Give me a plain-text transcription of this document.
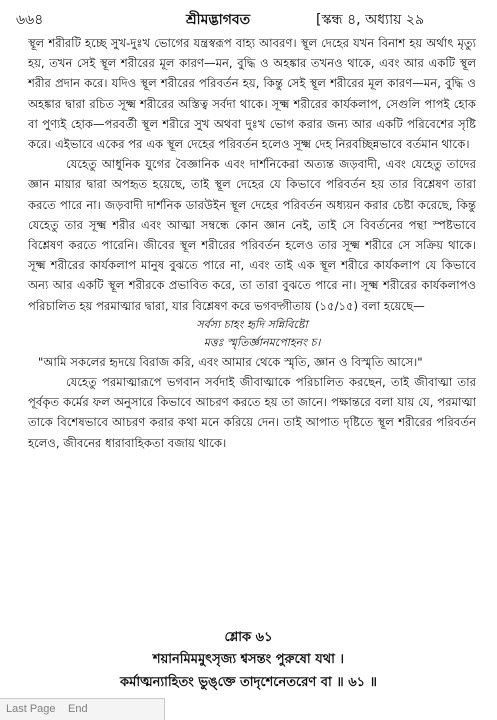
৬৬৪	শ্রীমদ্ভাগবত	[স্কন্ধ ৪, অধ্যায় ২৯

স্থূল শরীরটি হচ্ছে সুখ-দুঃখ ভোগের যন্ত্রস্বরূপ বাহ্য আবরণ। স্থূল দেহের যখন বিনাশ হয় অর্থাৎ মৃত্যু হয়, তখন সেই স্থূল শরীরের মূল কারণ—মন, বুদ্ধি ও অহঙ্কার তখনও থাকে, এবং আর একটি স্থূল শরীর প্রদান করে। যদিও স্থূল শরীরের পরিবর্তন হয়, কিন্তু সেই স্থূল শরীরের মূল কারণ—মন, বুদ্ধি ও অহঙ্কার দ্বারা রচিত সূক্ষ্ম শরীরের অস্তিত্ব সর্বদা থাকে। সূক্ষ্ম শরীরের কার্যকলাপ, সেগুলি পাপই হোক বা পুণ্যই হোক—পরবর্তী স্থূল শরীরে সুখ অথবা দুঃখ ভোগ করার জন্য আর একটি পরিবেশের সৃষ্টি করে। এইভাবে একের পর এক স্থূল দেহের পরিবর্তন হলেও সূক্ষ্ম দেহ নিরবচ্ছিন্নভাবে বর্তমান থাকে।

যেহেতু আধুনিক যুগের বৈজ্ঞানিক এবং দার্শনিকেরা অত্যন্ত জড়বাদী, এবং যেহেতু তাদের জ্ঞান মায়ার দ্বারা অপহৃত হয়েছে, তাই স্থূল দেহের যে কিভাবে পরিবর্তন হয় তার বিশ্লেষণ তারা করতে পারে না। জড়বাদী দার্শনিক ডারউইন স্থূল দেহের পরিবর্তন অধ্যয়ন করার চেষ্টা করেছে, কিন্তু যেহেতু তার সূক্ষ্ম শরীর এবং আত্মা সম্বন্ধে কোন জ্ঞান নেই, তাই সে বিবর্তনের পন্থা স্পষ্টভাবে বিশ্লেষণ করতে পারেনি। জীবের স্থূল শরীরের পরিবর্তন হলেও তার সূক্ষ্ম শরীরে সে সক্রিয় থাকে। সূক্ষ্ম শরীরের কার্যকলাপ মানুষ বুঝতে পারে না, এবং তাই এক স্থূল শরীরে কার্যকলাপ যে কিভাবে অন্য আর একটি স্থূল শরীরকে প্রভাবিত করে, তা তারা বুঝতে পারে না। সূক্ষ্ম শরীরের কার্যকলাপও পরিচালিত হয় পরমাত্মার দ্বারা, যার বিশ্লেষণ করে ভগবদ্গীতায় (১৫/১৫) বলা হয়েছে—

সর্বস্য চাহং হৃদি সন্নিবিষ্টো
মত্তঃ স্মৃতির্জ্ঞানমপোহনং চ।

"আমি সকলের হৃদয়ে বিরাজ করি, এবং আমার থেকে স্মৃতি, জ্ঞান ও বিস্মৃতি আসে।"

যেহেতু পরমাত্মারূপে ভগবান সর্বদাই জীবাত্মাকে পরিচালিত করছেন, তাই জীবাত্মা তার পূর্বকৃত কর্মের ফল অনুসারে কিভাবে আচরণ করতে হয় তা জানে। পক্ষান্তরে বলা যায় যে, পরমাত্মা তাকে বিশেষভাবে আচরণ করার কথা মনে করিয়ে দেন। তাই আপাত দৃষ্টিতে স্থূল শরীরের পরিবর্তন হলেও, জীবনের ধারাবাহিকতা বজায় থাকে।

শ্লোক ৬১
শয়ানমিমমুৎসৃজ্য শ্বসন্তং পুরুষো যথা ।
কর্মাত্মন্যাহিতং ভুঙ্‌ক্তে তাদৃশেনেতরেণ বা ॥ ৬১ ॥
Last Page End
